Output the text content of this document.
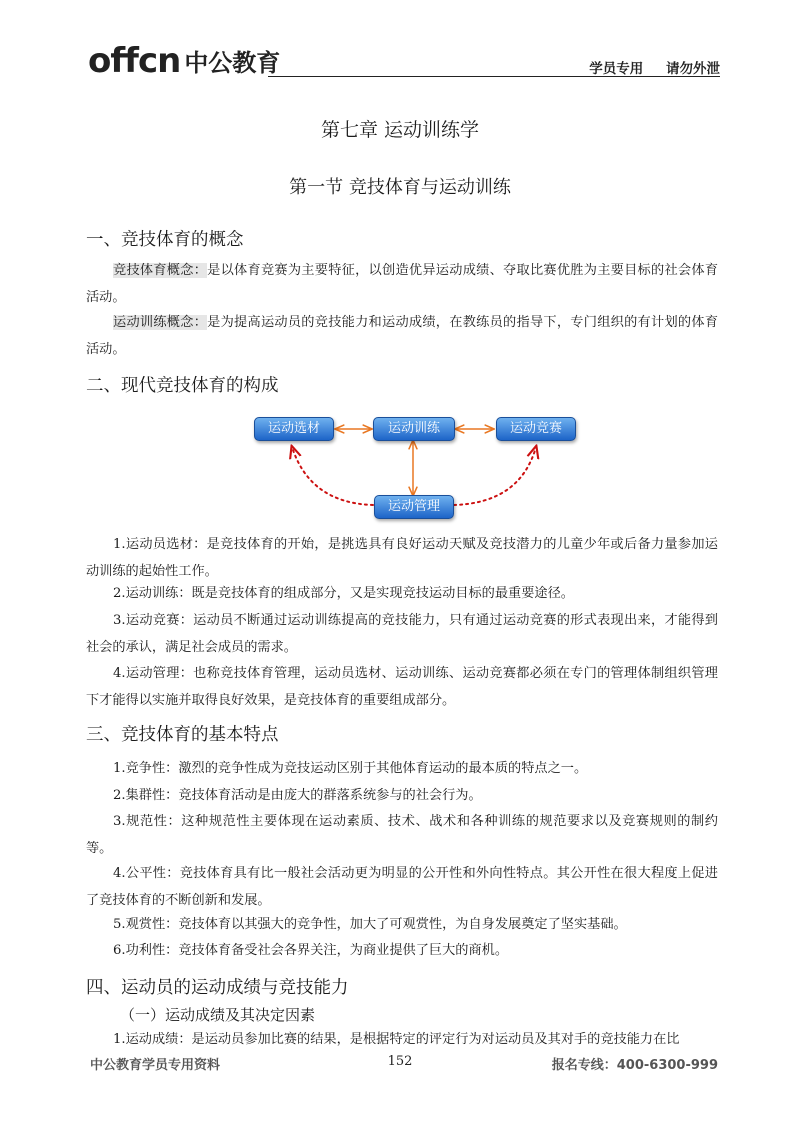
offcn 中公教育	学员专用 请勿外泄
第七章 运动训练学
第一节 竞技体育与运动训练
一、竞技体育的概念
竞技体育概念：是以体育竞赛为主要特征，以创造优异运动成绩、夺取比赛优胜为主要目标的社会体育活动。
运动训练概念：是为提高运动员的竞技能力和运动成绩，在教练员的指导下，专门组织的有计划的体育活动。
二、现代竞技体育的构成
运动选材	运动训练	运动竞赛
运动管理
1.运动员选材：是竞技体育的开始，是挑选具有良好运动天赋及竞技潜力的儿童少年或后备力量参加运动训练的起始性工作。
2.运动训练：既是竞技体育的组成部分，又是实现竞技运动目标的最重要途径。
3.运动竞赛：运动员不断通过运动训练提高的竞技能力，只有通过运动竞赛的形式表现出来，才能得到社会的承认，满足社会成员的需求。
4.运动管理：也称竞技体育管理，运动员选材、运动训练、运动竞赛都必须在专门的管理体制组织管理下才能得以实施并取得良好效果，是竞技体育的重要组成部分。
三、竞技体育的基本特点
1.竞争性：激烈的竞争性成为竞技运动区别于其他体育运动的最本质的特点之一。
2.集群性：竞技体育活动是由庞大的群落系统参与的社会行为。
3.规范性：这种规范性主要体现在运动素质、技术、战术和各种训练的规范要求以及竞赛规则的制约等。
4.公平性：竞技体育具有比一般社会活动更为明显的公开性和外向性特点。其公开性在很大程度上促进了竞技体育的不断创新和发展。
5.观赏性：竞技体育以其强大的竞争性，加大了可观赏性，为自身发展奠定了坚实基础。
6.功利性：竞技体育备受社会各界关注，为商业提供了巨大的商机。
四、运动员的运动成绩与竞技能力
（一）运动成绩及其决定因素
1.运动成绩：是运动员参加比赛的结果，是根据特定的评定行为对运动员及其对手的竞技能力在比
中公教育学员专用资料	152	报名专线：400-6300-999
